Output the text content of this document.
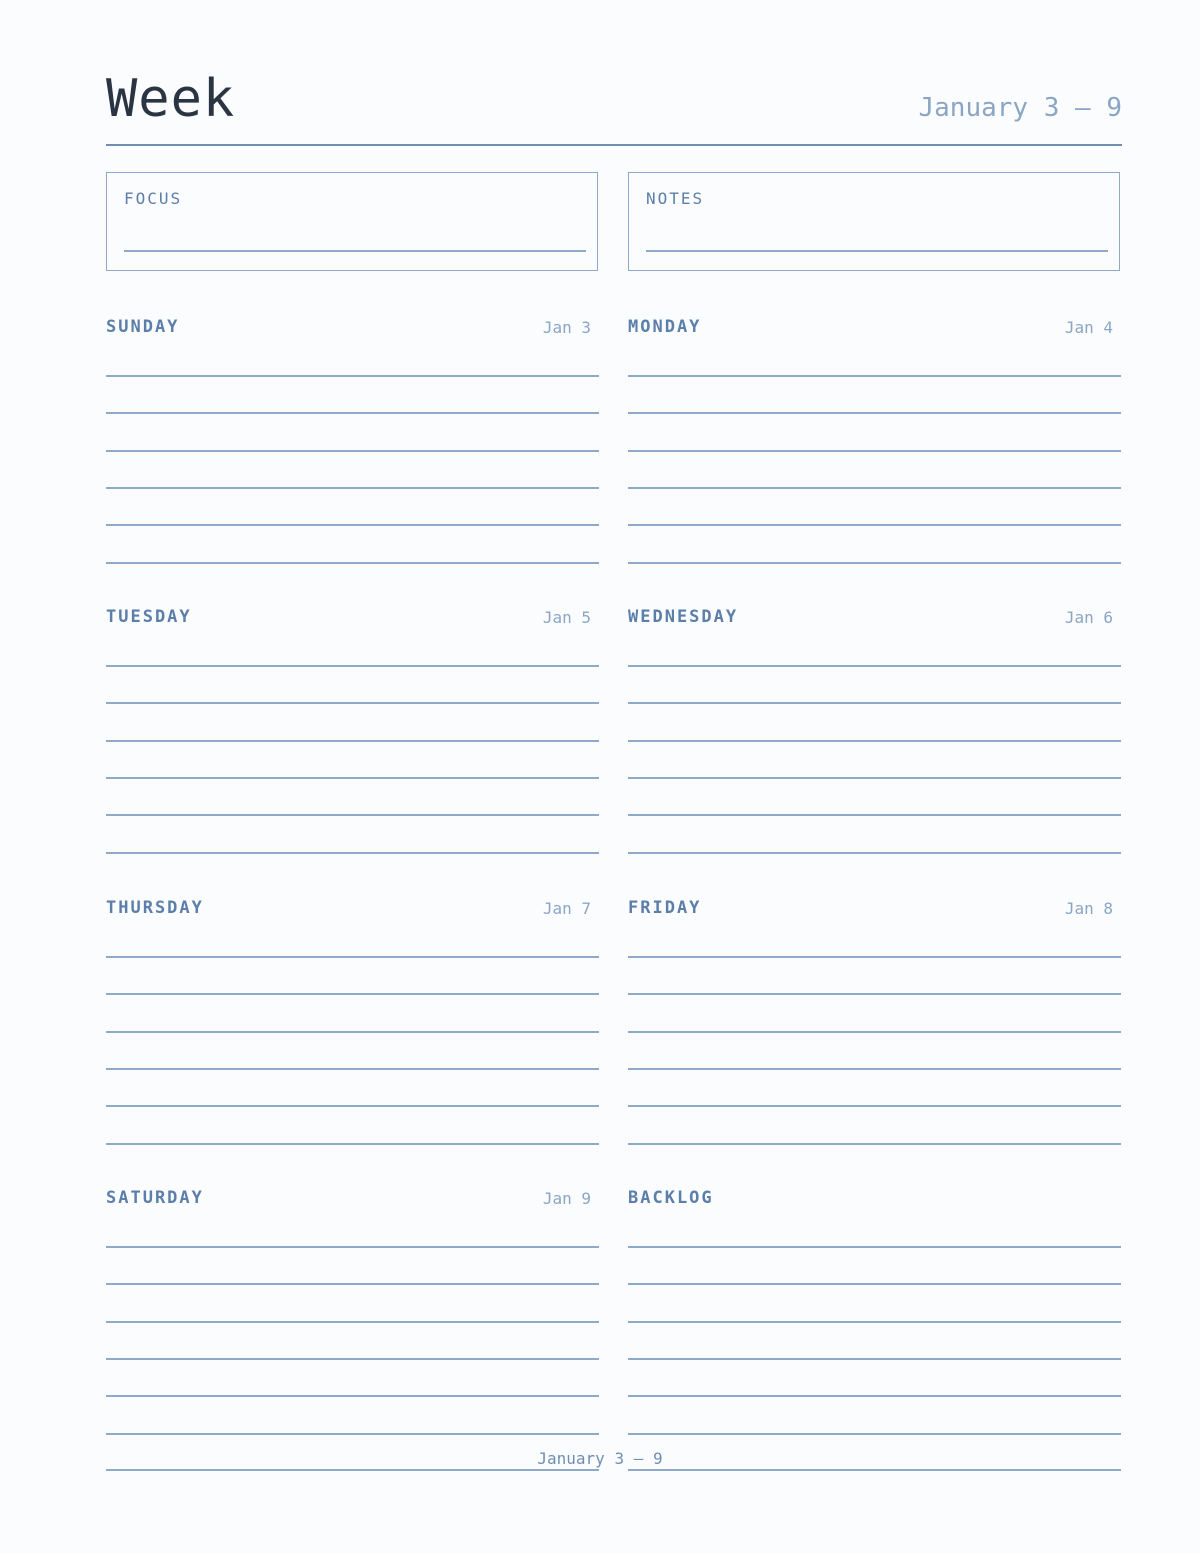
Week	January 3 – 9
FOCUS	NOTES
SUNDAY	Jan 3 MONDAY	Jan 4
TUESDAY	Jan 5 WEDNESDAY	Jan 6
THURSDAY	Jan 7 FRIDAY	Jan 8
SATURDAY	Jan 9 BACKLOG
January 3 – 9
